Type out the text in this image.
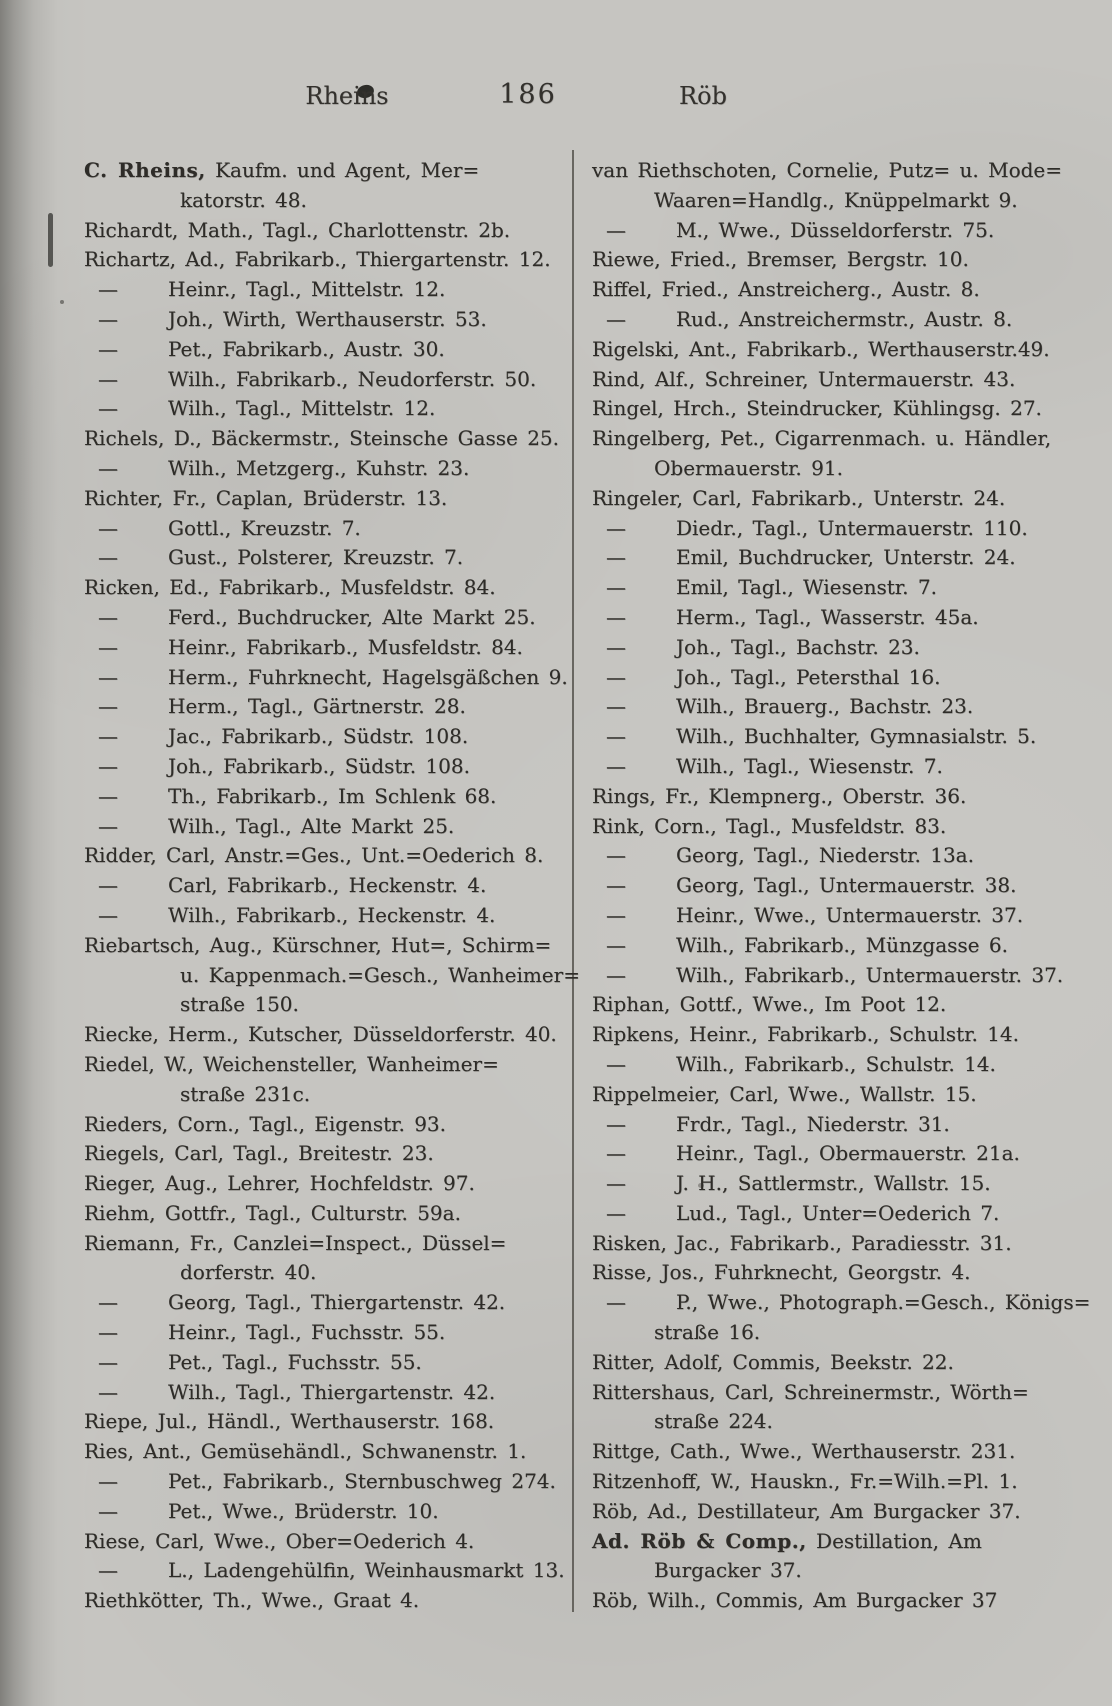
Rheins	186	Röb
C. Rheins, Kaufm. und Agent, Mer=
katorstr. 48.
Richardt, Math., Tagl., Charlottenstr. 2b.
Richartz, Ad., Fabrikarb., Thiergartenstr. 12.
—	Heinr., Tagl., Mittelstr. 12.
—	Joh., Wirth, Werthauserstr. 53.
—	Pet., Fabrikarb., Austr. 30.
—	Wilh., Fabrikarb., Neudorferstr. 50.
—	Wilh., Tagl., Mittelstr. 12.
Richels, D., Bäckermstr., Steinsche Gasse 25.
—	Wilh., Metzgerg., Kuhstr. 23.
Richter, Fr., Caplan, Brüderstr. 13.
—	Gottl., Kreuzstr. 7.
—	Gust., Polsterer, Kreuzstr. 7.
Ricken, Ed., Fabrikarb., Musfeldstr. 84.
—	Ferd., Buchdrucker, Alte Markt 25.
—	Heinr., Fabrikarb., Musfeldstr. 84.
—	Herm., Fuhrknecht, Hagelsgäßchen 9.
—	Herm., Tagl., Gärtnerstr. 28.
—	Jac., Fabrikarb., Südstr. 108.
—	Joh., Fabrikarb., Südstr. 108.
—	Th., Fabrikarb., Im Schlenk 68.
—	Wilh., Tagl., Alte Markt 25.
Ridder, Carl, Anstr.=Ges., Unt.=Oederich 8.
—	Carl, Fabrikarb., Heckenstr. 4.
—	Wilh., Fabrikarb., Heckenstr. 4.
Riebartsch, Aug., Kürschner, Hut=, Schirm=
u. Kappenmach.=Gesch., Wanheimer=
straße 150.
Riecke, Herm., Kutscher, Düsseldorferstr. 40.
Riedel, W., Weichensteller, Wanheimer=
straße 231c.
Rieders, Corn., Tagl., Eigenstr. 93.
Riegels, Carl, Tagl., Breitestr. 23.
Rieger, Aug., Lehrer, Hochfeldstr. 97.
Riehm, Gottfr., Tagl., Culturstr. 59a.
Riemann, Fr., Canzlei=Inspect., Düssel=
dorferstr. 40.
—	Georg, Tagl., Thiergartenstr. 42.
—	Heinr., Tagl., Fuchsstr. 55.
—	Pet., Tagl., Fuchsstr. 55.
—	Wilh., Tagl., Thiergartenstr. 42.
Riepe, Jul., Händl., Werthauserstr. 168.
Ries, Ant., Gemüsehändl., Schwanenstr. 1.
—	Pet., Fabrikarb., Sternbuschweg 274.
—	Pet., Wwe., Brüderstr. 10.
Riese, Carl, Wwe., Ober=Oederich 4.
—	L., Ladengehülfin, Weinhausmarkt 13.
Riethkötter, Th., Wwe., Graat 4.
van Riethschoten, Cornelie, Putz= u. Mode=
Waaren=Handlg., Knüppelmarkt 9.
—	M., Wwe., Düsseldorferstr. 75.
Riewe, Fried., Bremser, Bergstr. 10.
Riffel, Fried., Anstreicherg., Austr. 8.
—	Rud., Anstreichermstr., Austr. 8.
Rigelski, Ant., Fabrikarb., Werthauserstr.49.
Rind, Alf., Schreiner, Untermauerstr. 43.
Ringel, Hrch., Steindrucker, Kühlingsg. 27.
Ringelberg, Pet., Cigarrenmach. u. Händler,
Obermauerstr. 91.
Ringeler, Carl, Fabrikarb., Unterstr. 24.
—	Diedr., Tagl., Untermauerstr. 110.
—	Emil, Buchdrucker, Unterstr. 24.
—	Emil, Tagl., Wiesenstr. 7.
—	Herm., Tagl., Wasserstr. 45a.
—	Joh., Tagl., Bachstr. 23.
—	Joh., Tagl., Petersthal 16.
—	Wilh., Brauerg., Bachstr. 23.
—	Wilh., Buchhalter, Gymnasialstr. 5.
—	Wilh., Tagl., Wiesenstr. 7.
Rings, Fr., Klempnerg., Oberstr. 36.
Rink, Corn., Tagl., Musfeldstr. 83.
—	Georg, Tagl., Niederstr. 13a.
—	Georg, Tagl., Untermauerstr. 38.
—	Heinr., Wwe., Untermauerstr. 37.
—	Wilh., Fabrikarb., Münzgasse 6.
—	Wilh., Fabrikarb., Untermauerstr. 37.
Riphan, Gottf., Wwe., Im Poot 12.
Ripkens, Heinr., Fabrikarb., Schulstr. 14.
—	Wilh., Fabrikarb., Schulstr. 14.
Rippelmeier, Carl, Wwe., Wallstr. 15.
—	Frdr., Tagl., Niederstr. 31.
—	Heinr., Tagl., Obermauerstr. 21a.
—	J. H., Sattlermstr., Wallstr. 15.
—	Lud., Tagl., Unter=Oederich 7.
Risken, Jac., Fabrikarb., Paradiesstr. 31.
Risse, Jos., Fuhrknecht, Georgstr. 4.
—	P., Wwe., Photograph.=Gesch., Königs=
straße 16.
Ritter, Adolf, Commis, Beekstr. 22.
Rittershaus, Carl, Schreinermstr., Wörth=
straße 224.
Rittge, Cath., Wwe., Werthauserstr. 231.
Ritzenhoff, W., Hauskn., Fr.=Wilh.=Pl. 1.
Röb, Ad., Destillateur, Am Burgacker 37.
Ad. Röb & Comp., Destillation, Am
Burgacker 37.
Röb, Wilh., Commis, Am Burgacker 37
